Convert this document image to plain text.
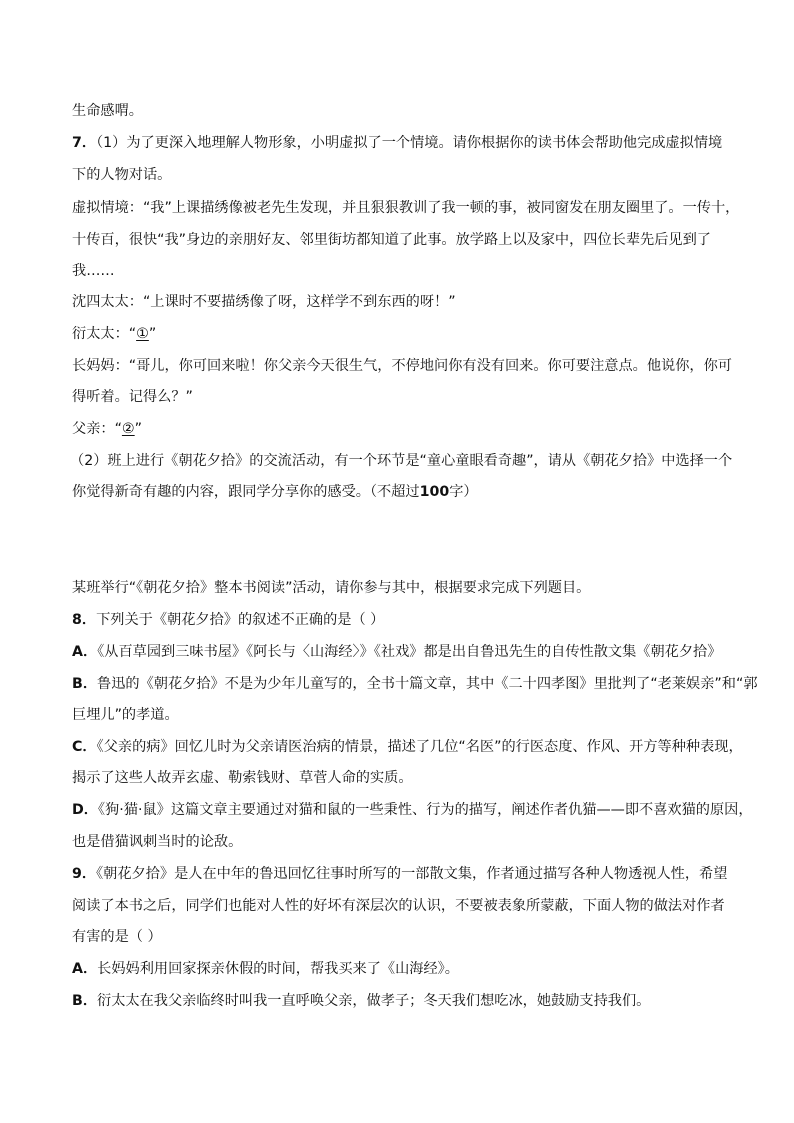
生命感喟。
7．（1）为了更深入地理解人物形象，小明虚拟了一个情境。请你根据你的读书体会帮助他完成虚拟情境
下的人物对话。
虚拟情境：“我”上课描绣像被老先生发现，并且狠狠教训了我一顿的事，被同窗发在朋友圈里了。一传十，
十传百，很快“我”身边的亲朋好友、邻里街坊都知道了此事。放学路上以及家中，四位长辈先后见到了
我……
沈四太太：“上课时不要描绣像了呀，这样学不到东西的呀！”
衍太太：“①”
长妈妈：“哥儿，你可回来啦！你父亲今天很生气，不停地问你有没有回来。你可要注意点。他说你，你可
得听着。记得么？”
父亲：“②”
（2）班上进行《朝花夕拾》的交流活动，有一个环节是“童心童眼看奇趣”，请从《朝花夕拾》中选择一个
你觉得新奇有趣的内容，跟同学分享你的感受。（不超过100字）
某班举行“《朝花夕拾》整本书阅读”活动，请你参与其中，根据要求完成下列题目。
8．下列关于《朝花夕拾》的叙述不正确的是（ ）
A．《从百草园到三味书屋》《阿长与〈山海经〉》《社戏》都是出自鲁迅先生的自传性散文集《朝花夕拾》
B．鲁迅的《朝花夕拾》不是为少年儿童写的，全书十篇文章，其中《二十四孝图》里批判了“老莱娱亲”和“郭
巨埋儿”的孝道。
C．《父亲的病》回忆儿时为父亲请医治病的情景，描述了几位“名医”的行医态度、作风、开方等种种表现，
揭示了这些人故弄玄虚、勒索钱财、草菅人命的实质。
D．《狗·猫·鼠》这篇文章主要通过对猫和鼠的一些秉性、行为的描写，阐述作者仇猫——即不喜欢猫的原因，
也是借猫讽刺当时的论敌。
9．《朝花夕拾》是人在中年的鲁迅回忆往事时所写的一部散文集，作者通过描写各种人物透视人性，希望
阅读了本书之后，同学们也能对人性的好坏有深层次的认识，不要被表象所蒙蔽，下面人物的做法对作者
有害的是（ ）
A．长妈妈利用回家探亲休假的时间，帮我买来了《山海经》。
B．衍太太在我父亲临终时叫我一直呼唤父亲，做孝子；冬天我们想吃冰，她鼓励支持我们。
